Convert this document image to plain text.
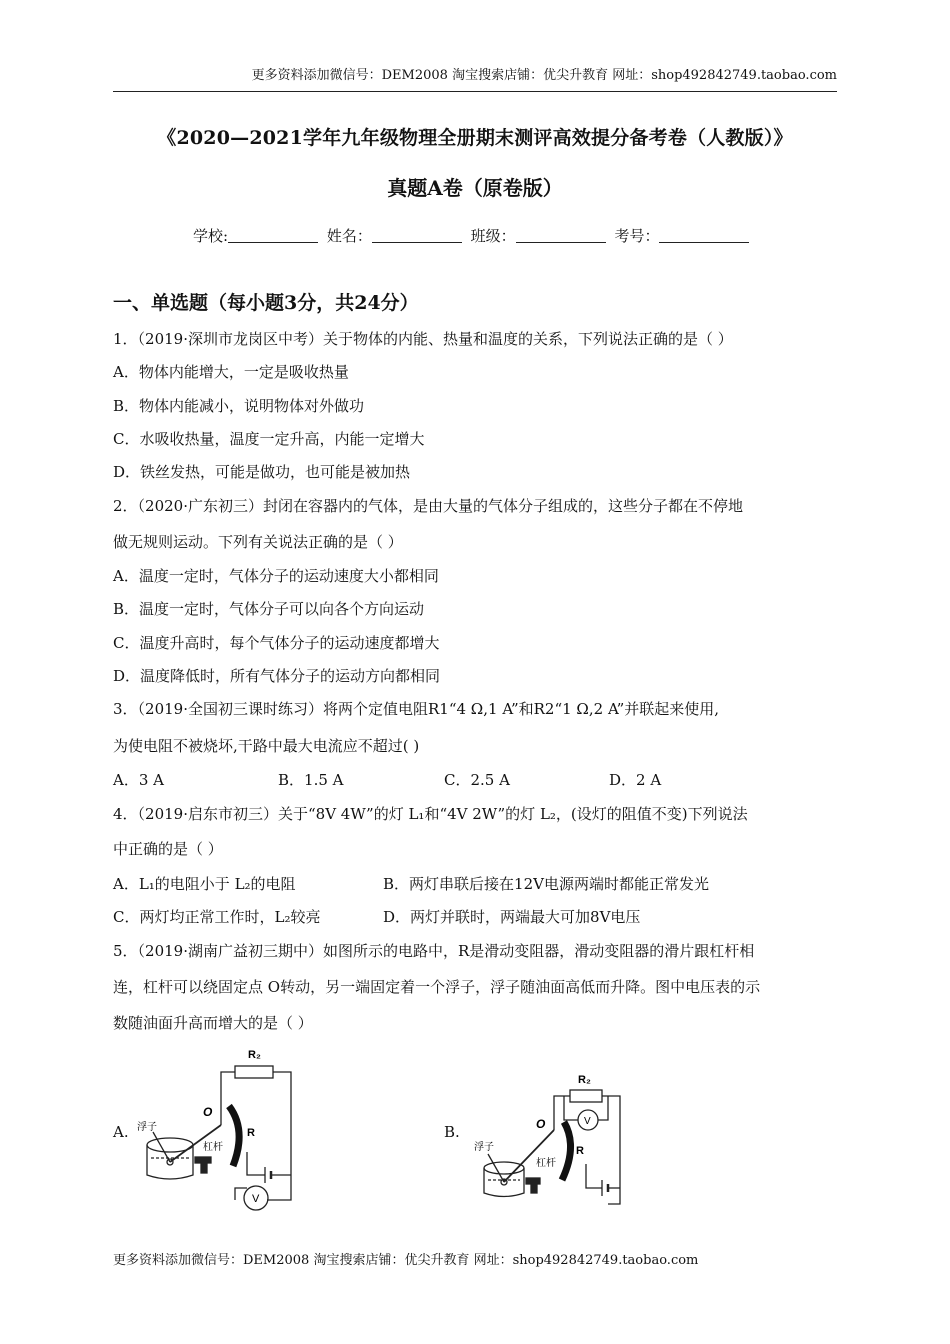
更多资料添加微信号：DEM2008 淘宝搜索店铺：优尖升教育 网址：shop492842749.taobao.com
《2020—2021学年九年级物理全册期末测评高效提分备考卷（人教版）》
真题A卷（原卷版）
学校:	姓名：	班级：	考号：
一、单选题（每小题3分，共24分）
1．（2019·深圳市龙岗区中考）关于物体的内能、热量和温度的关系，下列说法正确的是（ ）
A．物体内能增大，一定是吸收热量
B．物体内能减小，说明物体对外做功
C．水吸收热量，温度一定升高，内能一定增大
D．铁丝发热，可能是做功，也可能是被加热
2．（2020·广东初三）封闭在容器内的气体，是由大量的气体分子组成的，这些分子都在不停地
做无规则运动。下列有关说法正确的是（ ）
A．温度一定时，气体分子的运动速度大小都相同
B．温度一定时，气体分子可以向各个方向运动
C．温度升高时，每个气体分子的运动速度都增大
D．温度降低时，所有气体分子的运动方向都相同
3．（2019·全国初三课时练习）将两个定值电阻R1“4 Ω,1 A”和R2“1 Ω,2 A”并联起来使用,
为使电阻不被烧坏,干路中最大电流应不超过( )
A．3 A	B．1.5 A	C．2.5 A	D．2 A
4．（2019·启东市初三）关于“8V 4W”的灯 L₁和“4V 2W”的灯 L₂，(设灯的阻值不变)下列说法
中正确的是（ ）
A．L₁的电阻小于 L₂的电阻	B．两灯串联后接在12V电源两端时都能正常发光
C．两灯均正常工作时，L₂较亮	D．两灯并联时，两端最大可加8V电压
5．（2019·湖南广益初三期中）如图所示的电路中，R是滑动变阻器，滑动变阻器的滑片跟杠杆相
连，杠杆可以绕固定点 O转动，另一端固定着一个浮子，浮子随油面高低而升降。图中电压表的示
数随油面升高而增大的是（ ）
A.	B.
R₂
O
R
浮子
杠杆
V
R₂
O
R
浮子
杠杆
V
更多资料添加微信号：DEM2008 淘宝搜索店铺：优尖升教育 网址：shop492842749.taobao.com
